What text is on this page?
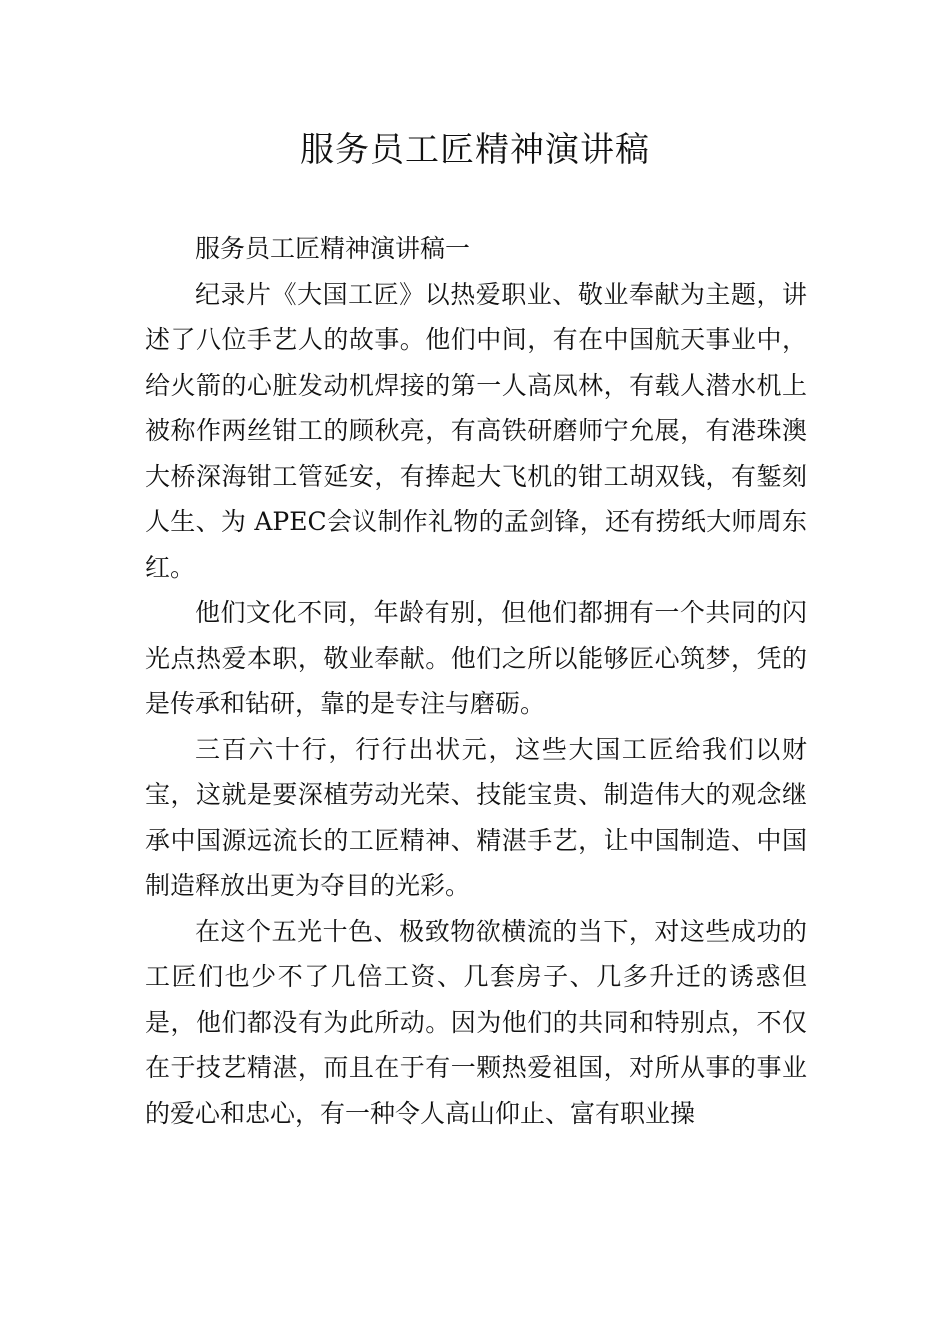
服务员工匠精神演讲稿

服务员工匠精神演讲稿一

纪录片《大国工匠》以热爱职业、敬业奉献为主题，讲述了八位手艺人的故事。他们中间，有在中国航天事业中，给火箭的心脏发动机焊接的第一人高凤林，有载人潜水机上被称作两丝钳工的顾秋亮，有高铁研磨师宁允展，有港珠澳大桥深海钳工管延安，有捧起大飞机的钳工胡双钱，有錾刻人生、为 APEC会议制作礼物的孟剑锋，还有捞纸大师周东红。

他们文化不同，年龄有别，但他们都拥有一个共同的闪光点热爱本职，敬业奉献。他们之所以能够匠心筑梦，凭的是传承和钻研，靠的是专注与磨砺。

三百六十行，行行出状元，这些大国工匠给我们以财宝，这就是要深植劳动光荣、技能宝贵、制造伟大的观念继承中国源远流长的工匠精神、精湛手艺，让中国制造、中国制造释放出更为夺目的光彩。

在这个五光十色、极致物欲横流的当下，对这些成功的工匠们也少不了几倍工资、几套房子、几多升迁的诱惑但是，他们都没有为此所动。因为他们的共同和特别点，不仅在于技艺精湛，而且在于有一颗热爱祖国，对所从事的事业的爱心和忠心，有一种令人高山仰止、富有职业操
